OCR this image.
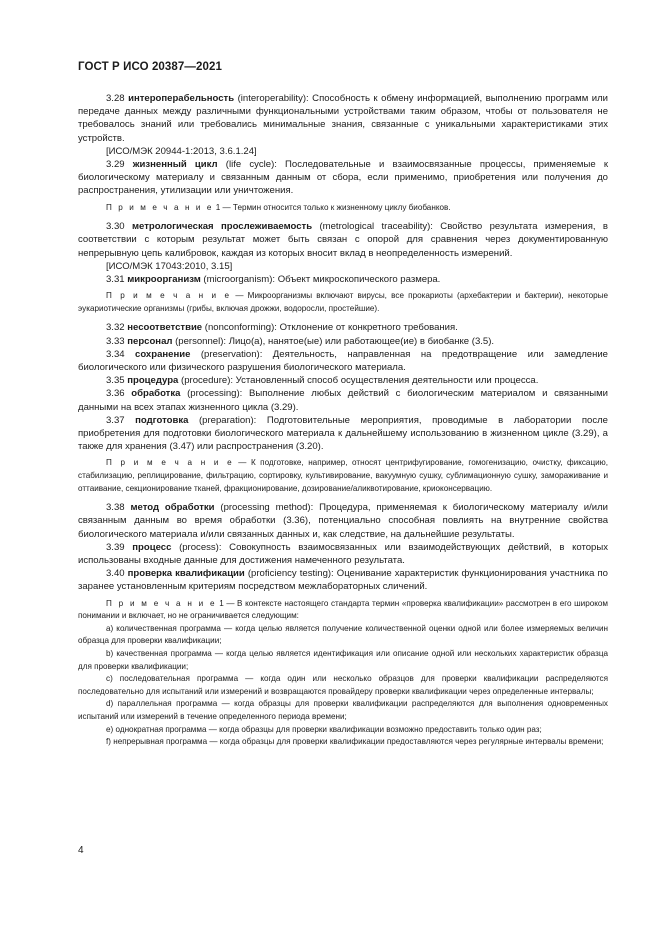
ГОСТ Р ИСО 20387—2021

3.28 интероперабельность (interoperability): Способность к обмену информацией, выполнению программ или передаче данных между различными функциональными устройствами таким образом, чтобы от пользователя не требовалось знаний или требовались минимальные знания, связанные с уникальными характеристиками этих устройств.

[ИСО/МЭК 20944-1:2013, 3.6.1.24]

3.29 жизненный цикл (life cycle): Последовательные и взаимосвязанные процессы, применяемые к биологическому материалу и связанным данным от сбора, если применимо, приобретения или получения до распространения, утилизации или уничтожения.

П р и м е ч а н и е 1 — Термин относится только к жизненному циклу биобанков.

3.30 метрологическая прослеживаемость (metrological traceability): Свойство результата измерения, в соответствии с которым результат может быть связан с опорой для сравнения через документированную непрерывную цепь калибровок, каждая из которых вносит вклад в неопределенность измерений.

[ИСО/МЭК 17043:2010, 3.15]

3.31 микроорганизм (microorganism): Объект микроскопического размера.

П р и м е ч а н и е — Микроорганизмы включают вирусы, все прокариоты (архебактерии и бактерии), некоторые эукариотические организмы (грибы, включая дрожжи, водоросли, простейшие).

3.32 несоответствие (nonconforming): Отклонение от конкретного требования.

3.33 персонал (personnel): Лицо(а), нанятое(ые) или работающее(ие) в биобанке (3.5).

3.34 сохранение (preservation): Деятельность, направленная на предотвращение или замедление биологического или физического разрушения биологического материала.

3.35 процедура (procedure): Установленный способ осуществления деятельности или процесса.

3.36 обработка (processing): Выполнение любых действий с биологическим материалом и связанными данными на всех этапах жизненного цикла (3.29).

3.37 подготовка (preparation): Подготовительные мероприятия, проводимые в лаборатории после приобретения для подготовки биологического материала к дальнейшему использованию в жизненном цикле (3.29), а также для хранения (3.47) или распространения (3.20).

П р и м е ч а н и е — К подготовке, например, относят центрифугирование, гомогенизацию, очистку, фиксацию, стабилизацию, реплицирование, фильтрацию, сортировку, культивирование, вакуумную сушку, сублимационную сушку, замораживание и оттаивание, секционирование тканей, фракционирование, дозирование/аликвотирование, криоконсервацию.

3.38 метод обработки (processing method): Процедура, применяемая к биологическому материалу и/или связанным данным во время обработки (3.36), потенциально способная повлиять на внутренние свойства биологического материала и/или связанных данных и, как следствие, на дальнейшие результаты.

3.39 процесс (process): Совокупность взаимосвязанных или взаимодействующих действий, в которых использованы входные данные для достижения намеченного результата.

3.40 проверка квалификации (proficiency testing): Оценивание характеристик функционирования участника по заранее установленным критериям посредством межлабораторных сличений.

П р и м е ч а н и е 1 — В контексте настоящего стандарта термин «проверка квалификации» рассмотрен в его широком понимании и включает, но не ограничивается следующим:

a) количественная программа — когда целью является получение количественной оценки одной или более измеряемых величин образца для проверки квалификации;

b) качественная программа — когда целью является идентификация или описание одной или нескольких характеристик образца для проверки квалификации;

c) последовательная программа — когда один или несколько образцов для проверки квалификации распределяются последовательно для испытаний или измерений и возвращаются провайдеру проверки квалификации через определенные интервалы;

d) параллельная программа — когда образцы для проверки квалификации распределяются для выполнения одновременных испытаний или измерений в течение определенного периода времени;

e) однократная программа — когда образцы для проверки квалификации возможно предоставить только один раз;

f) непрерывная программа — когда образцы для проверки квалификации предоставляются через регулярные интервалы времени;

4
